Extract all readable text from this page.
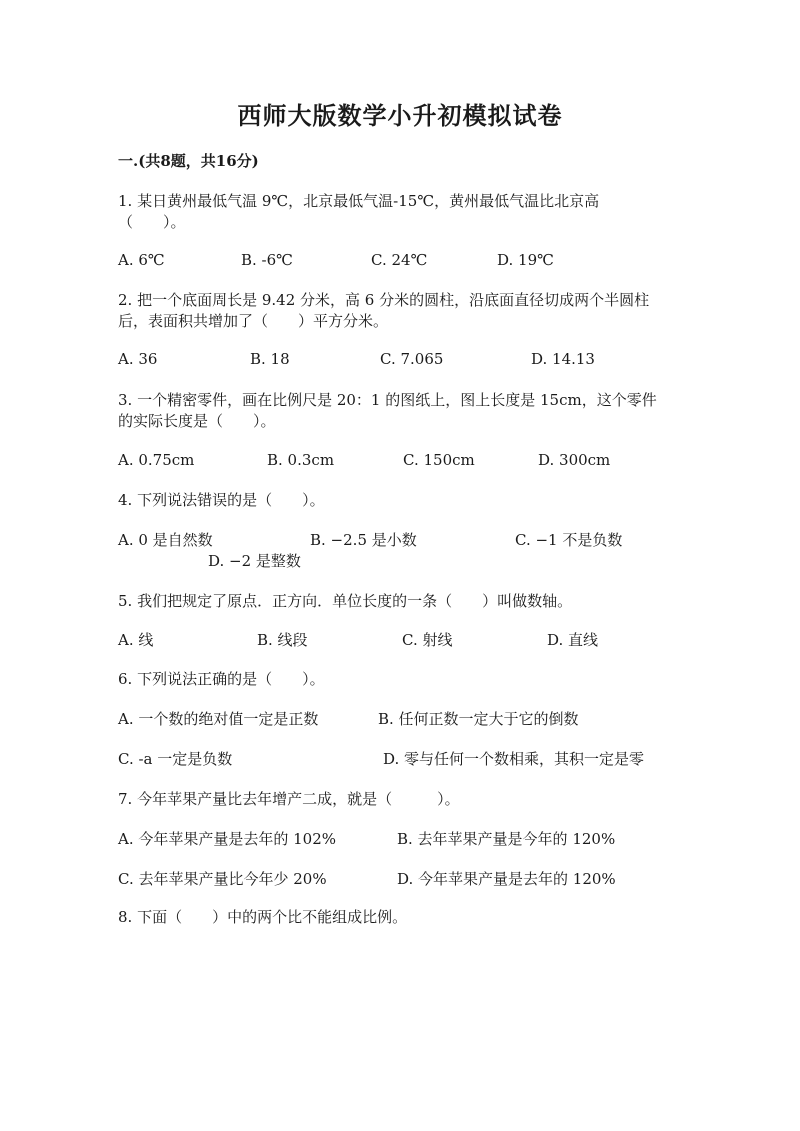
西师大版数学小升初模拟试卷
一.(共8题，共16分)
1. 某日黄州最低气温 9℃，北京最低气温-15℃，黄州最低气温比北京高
（　　）。
A. 6℃	B. -6℃	C. 24℃	D. 19℃
2. 把一个底面周长是 9.42 分米，高 6 分米的圆柱，沿底面直径切成两个半圆柱
后，表面积共增加了（　　）平方分米。
A. 36	B. 18	C. 7.065	D. 14.13
3. 一个精密零件，画在比例尺是 20：1 的图纸上，图上长度是 15cm，这个零件
的实际长度是（　　）。
A. 0.75cm	B. 0.3cm	C. 150cm	D. 300cm
4. 下列说法错误的是（　　）。
A. 0 是自然数	B. −2.5 是小数	C. −1 不是负数
D. −2 是整数
5. 我们把规定了原点．正方向．单位长度的一条（　　）叫做数轴。
A. 线	B. 线段	C. 射线	D. 直线
6. 下列说法正确的是（　　）。
A. 一个数的绝对值一定是正数	B. 任何正数一定大于它的倒数
C. -a 一定是负数	D. 零与任何一个数相乘，其积一定是零
7. 今年苹果产量比去年增产二成，就是（　　　）。
A. 今年苹果产量是去年的 102%	B. 去年苹果产量是今年的 120%
C. 去年苹果产量比今年少 20%	D. 今年苹果产量是去年的 120%
8. 下面（　　）中的两个比不能组成比例。
